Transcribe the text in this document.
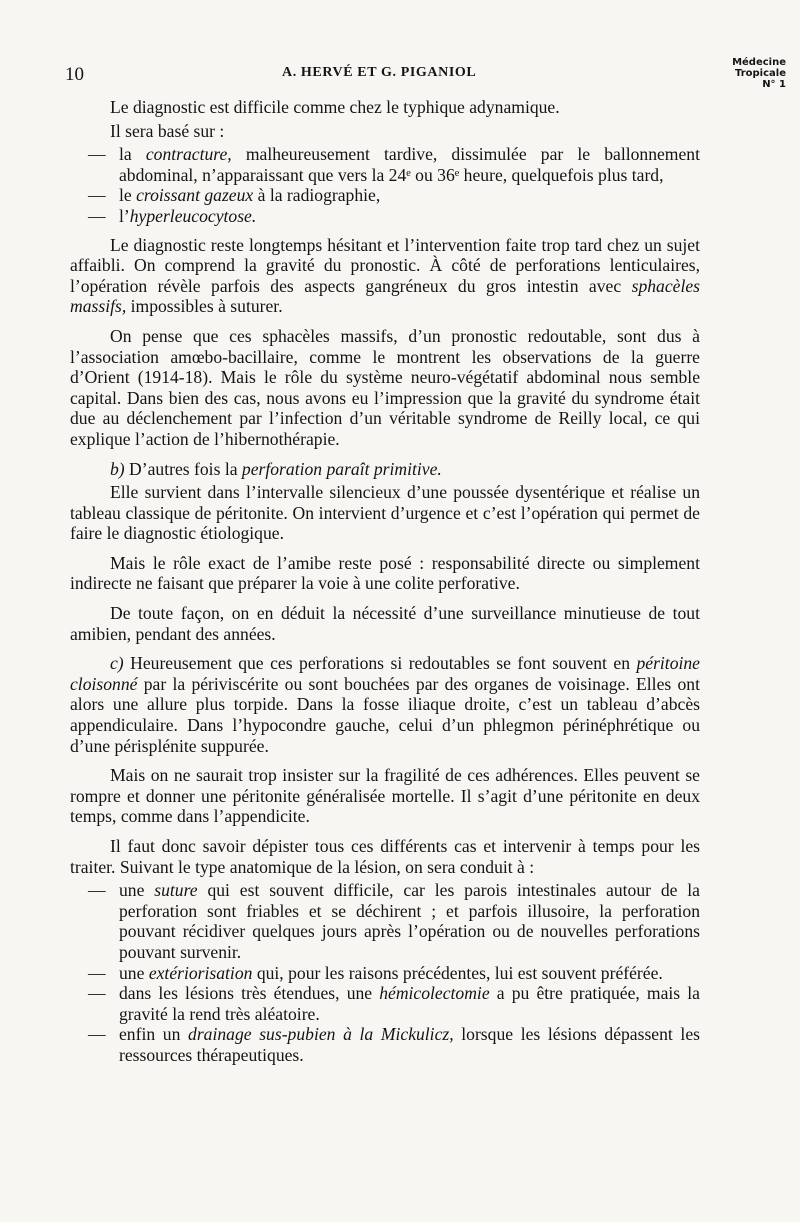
10	A. HERVÉ ET G. PIGANIOL
Médecine
Tropicale
N° 1

Le diagnostic est difficile comme chez le typhique adynamique.

Il sera basé sur :

— la contracture, malheureusement tardive, dissimulée par le ballonnement abdominal, n’apparaissant que vers la 24ᵉ ou 36ᵉ heure, quelquefois plus tard,
— le croissant gazeux à la radiographie,
— l’hyperleucocytose.

Le diagnostic reste longtemps hésitant et l’intervention faite trop tard chez un sujet affaibli. On comprend la gravité du pronostic. À côté de perforations lenticulaires, l’opération révèle parfois des aspects gangréneux du gros intestin avec sphacèles massifs, impossibles à suturer.

On pense que ces sphacèles massifs, d’un pronostic redoutable, sont dus à l’association amœbo-bacillaire, comme le montrent les observations de la guerre d’Orient (1914-18). Mais le rôle du système neuro-végétatif abdominal nous semble capital. Dans bien des cas, nous avons eu l’impression que la gravité du syndrome était due au déclenchement par l’infection d’un véritable syndrome de Reilly local, ce qui explique l’action de l’hibernothérapie.

b) D’autres fois la perforation paraît primitive.

Elle survient dans l’intervalle silencieux d’une poussée dysentérique et réalise un tableau classique de péritonite. On intervient d’urgence et c’est l’opération qui permet de faire le diagnostic étiologique.

Mais le rôle exact de l’amibe reste posé : responsabilité directe ou simplement indirecte ne faisant que préparer la voie à une colite perforative.

De toute façon, on en déduit la nécessité d’une surveillance minutieuse de tout amibien, pendant des années.

c) Heureusement que ces perforations si redoutables se font souvent en péritoine cloisonné par la périviscérite ou sont bouchées par des organes de voisinage. Elles ont alors une allure plus torpide. Dans la fosse iliaque droite, c’est un tableau d’abcès appendiculaire. Dans l’hypocondre gauche, celui d’un phlegmon périnéphrétique ou d’une périsplénite suppurée.

Mais on ne saurait trop insister sur la fragilité de ces adhérences. Elles peuvent se rompre et donner une péritonite généralisée mortelle. Il s’agit d’une péritonite en deux temps, comme dans l’appendicite.

Il faut donc savoir dépister tous ces différents cas et intervenir à temps pour les traiter. Suivant le type anatomique de la lésion, on sera conduit à :

— une suture qui est souvent difficile, car les parois intestinales autour de la perforation sont friables et se déchirent ; et parfois illusoire, la perforation pouvant récidiver quelques jours après l’opération ou de nouvelles perforations pouvant survenir.
— une extériorisation qui, pour les raisons précédentes, lui est souvent préférée.
— dans les lésions très étendues, une hémicolectomie a pu être pratiquée, mais la gravité la rend très aléatoire.
— enfin un drainage sus-pubien à la Mickulicz, lorsque les lésions dépassent les ressources thérapeutiques.
